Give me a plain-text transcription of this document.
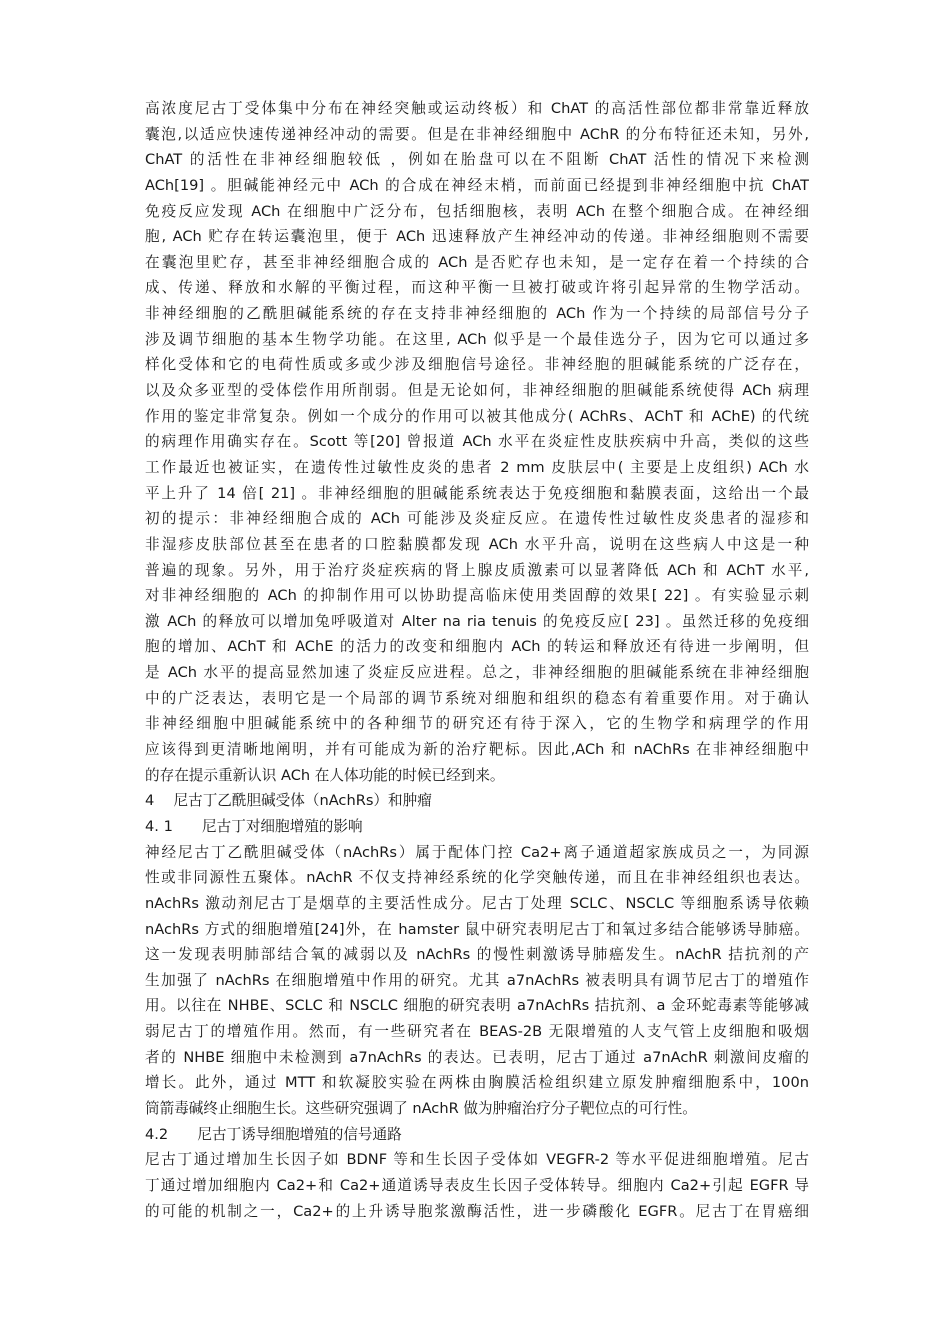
高浓度尼古丁受体集中分布在神经突触或运动终板）和 ChAT 的高活性部位都非常靠近释放
囊泡,以适应快速传递神经冲动的需要。但是在非神经细胞中 AChR 的分布特征还未知，另外,
ChAT 的活性在非神经细胞较低 ，例如在胎盘可以在不阻断 ChAT 活性的情况下来检测
ACh[19] 。胆碱能神经元中 ACh 的合成在神经末梢，而前面已经提到非神经细胞中抗 ChAT
免疫反应发现 ACh 在细胞中广泛分布，包括细胞核，表明 ACh 在整个细胞合成。在神经细
胞, ACh 贮存在转运囊泡里，便于 ACh 迅速释放产生神经冲动的传递。非神经细胞则不需要
在囊泡里贮存，甚至非神经细胞合成的 ACh 是否贮存也未知，是一定存在着一个持续的合
成、传递、释放和水解的平衡过程，而这种平衡一旦被打破或许将引起异常的生物学活动。
非神经细胞的乙酰胆碱能系统的存在支持非神经细胞的 ACh 作为一个持续的局部信号分子
涉及调节细胞的基本生物学功能。在这里, ACh 似乎是一个最佳选分子，因为它可以通过多
样化受体和它的电荷性质或多或少涉及细胞信号途径。非神经胞的胆碱能系统的广泛存在，
以及众多亚型的受体偿作用所削弱。但是无论如何，非神经细胞的胆碱能系统使得 ACh 病理
作用的鉴定非常复杂。例如一个成分的作用可以被其他成分( AChRs、AChT 和 AChE) 的代统
的病理作用确实存在。Scott 等[20] 曾报道 ACh 水平在炎症性皮肤疾病中升高，类似的这些
工作最近也被证实，在遗传性过敏性皮炎的患者 2 mm 皮肤层中( 主要是上皮组织) ACh 水
平上升了 14 倍[ 21] 。非神经细胞的胆碱能系统表达于免疫细胞和黏膜表面，这给出一个最
初的提示：非神经细胞合成的 ACh 可能涉及炎症反应。在遗传性过敏性皮炎患者的湿疹和
非湿疹皮肤部位甚至在患者的口腔黏膜都发现 ACh 水平升高，说明在这些病人中这是一种
普遍的现象。另外，用于治疗炎症疾病的肾上腺皮质激素可以显著降低 ACh 和 AChT 水平,
对非神经细胞的 ACh 的抑制作用可以协助提高临床使用类固醇的效果[ 22] 。有实验显示刺
激 ACh 的释放可以增加兔呼吸道对 Alter na ria tenuis 的免疫反应[ 23] 。虽然迁移的免疫细
胞的增加、AChT 和 AChE 的活力的改变和细胞内 ACh 的转运和释放还有待进一步阐明，但
是 ACh 水平的提高显然加速了炎症反应进程。总之，非神经细胞的胆碱能系统在非神经细胞
中的广泛表达，表明它是一个局部的调节系统对细胞和组织的稳态有着重要作用。对于确认
非神经细胞中胆碱能系统中的各种细节的研究还有待于深入，它的生物学和病理学的作用
应该得到更清晰地阐明，并有可能成为新的治疗靶标。因此,ACh 和 nAChRs 在非神经细胞中
的存在提示重新认识 ACh 在人体功能的时候已经到来。
4　 尼古丁乙酰胆碱受体（nAchRs）和肿瘤
4. 1　　尼古丁对细胞增殖的影响
神经尼古丁乙酰胆碱受体（nAchRs）属于配体门控 Ca2+离子通道超家族成员之一，为同源
性或非同源性五聚体。nAchR 不仅支持神经系统的化学突触传递，而且在非神经组织也表达。
nAchRs 激动剂尼古丁是烟草的主要活性成分。尼古丁处理 SCLC、NSCLC 等细胞系诱导依赖
nAchRs 方式的细胞增殖[24]外，在 hamster 鼠中研究表明尼古丁和氧过多结合能够诱导肺癌。
这一发现表明肺部结合氧的减弱以及 nAchRs 的慢性刺激诱导肺癌发生。nAchR 拮抗剂的产
生加强了 nAchRs 在细胞增殖中作用的研究。尤其 a7nAchRs 被表明具有调节尼古丁的增殖作
用。以往在 NHBE、SCLC 和 NSCLC 细胞的研究表明 a7nAchRs 拮抗剂、a 金环蛇毒素等能够减
弱尼古丁的增殖作用。然而，有一些研究者在 BEAS-2B 无限增殖的人支气管上皮细胞和吸烟
者的 NHBE 细胞中未检测到 a7nAchRs 的表达。已表明，尼古丁通过 a7nAchR 刺激间皮瘤的
增长。此外，通过 MTT 和软凝胶实验在两株由胸膜活检组织建立原发肿瘤细胞系中，100n
筒箭毒碱终止细胞生长。这些研究强调了 nAchR 做为肿瘤治疗分子靶位点的可行性。
4.2　　尼古丁诱导细胞增殖的信号通路
尼古丁通过增加生长因子如 BDNF 等和生长因子受体如 VEGFR-2 等水平促进细胞增殖。尼古
丁通过增加细胞内 Ca2+和 Ca2+通道诱导表皮生长因子受体转导。细胞内 Ca2+引起 EGFR 导
的可能的机制之一，Ca2+的上升诱导胞浆激酶活性，进一步磷酸化 EGFR。尼古丁在胃癌细
